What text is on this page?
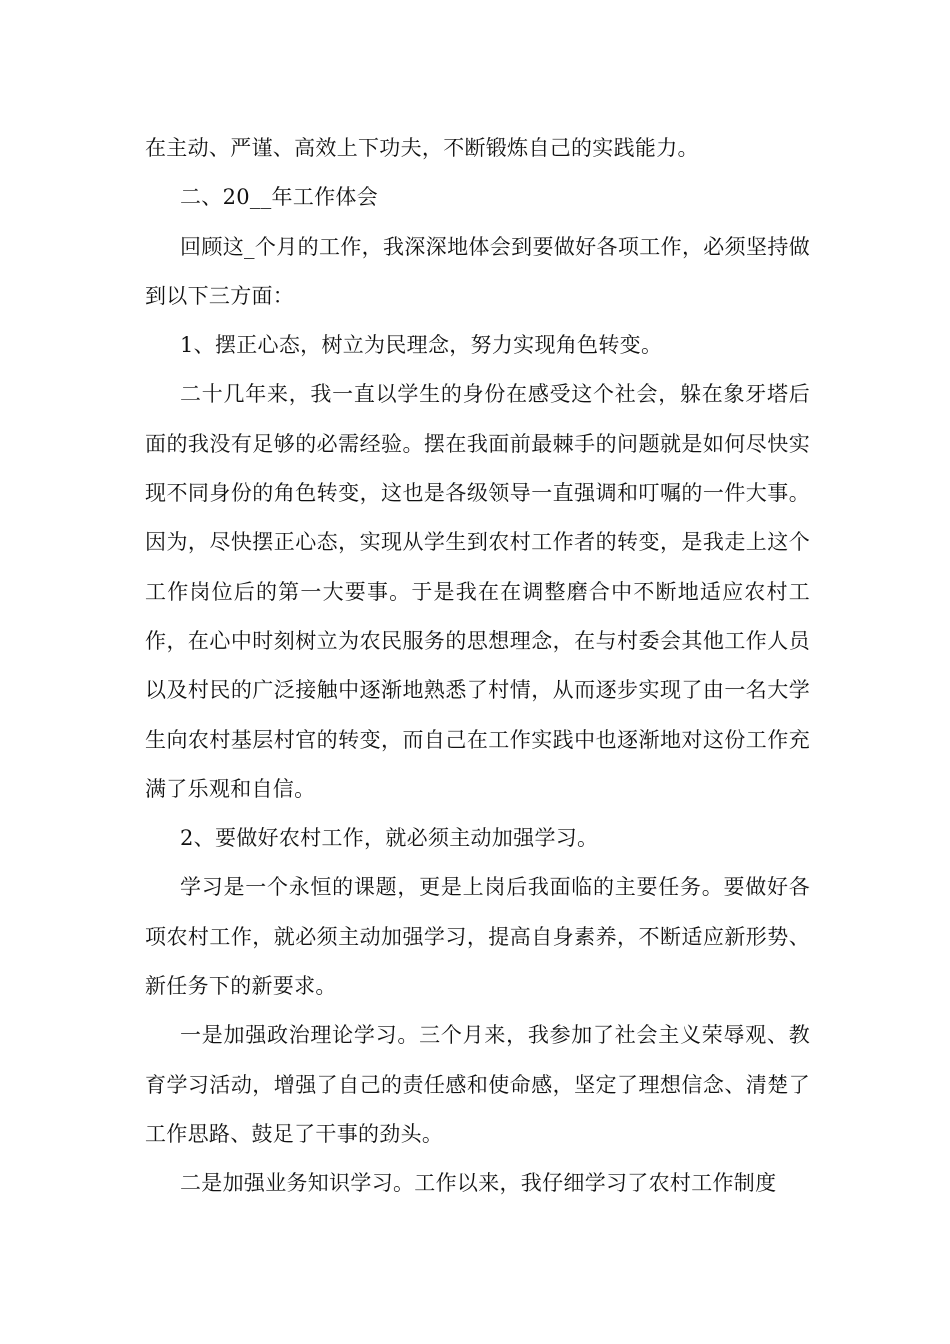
在主动、严谨、高效上下功夫，不断锻炼自己的实践能力。

二、20__年工作体会

回顾这_个月的工作，我深深地体会到要做好各项工作，必须坚持做到以下三方面：

1、摆正心态，树立为民理念，努力实现角色转变。

二十几年来，我一直以学生的身份在感受这个社会，躲在象牙塔后面的我没有足够的必需经验。摆在我面前最棘手的问题就是如何尽快实现不同身份的角色转变，这也是各级领导一直强调和叮嘱的一件大事。因为，尽快摆正心态，实现从学生到农村工作者的转变，是我走上这个工作岗位后的第一大要事。于是我在在调整磨合中不断地适应农村工作，在心中时刻树立为农民服务的思想理念，在与村委会其他工作人员以及村民的广泛接触中逐渐地熟悉了村情，从而逐步实现了由一名大学生向农村基层村官的转变，而自己在工作实践中也逐渐地对这份工作充满了乐观和自信。

2、要做好农村工作，就必须主动加强学习。

学习是一个永恒的课题，更是上岗后我面临的主要任务。要做好各项农村工作，就必须主动加强学习，提高自身素养，不断适应新形势、新任务下的新要求。

一是加强政治理论学习。三个月来，我参加了社会主义荣辱观、教育学习活动，增强了自己的责任感和使命感，坚定了理想信念、清楚了工作思路、鼓足了干事的劲头。

二是加强业务知识学习。工作以来，我仔细学习了农村工作制度
